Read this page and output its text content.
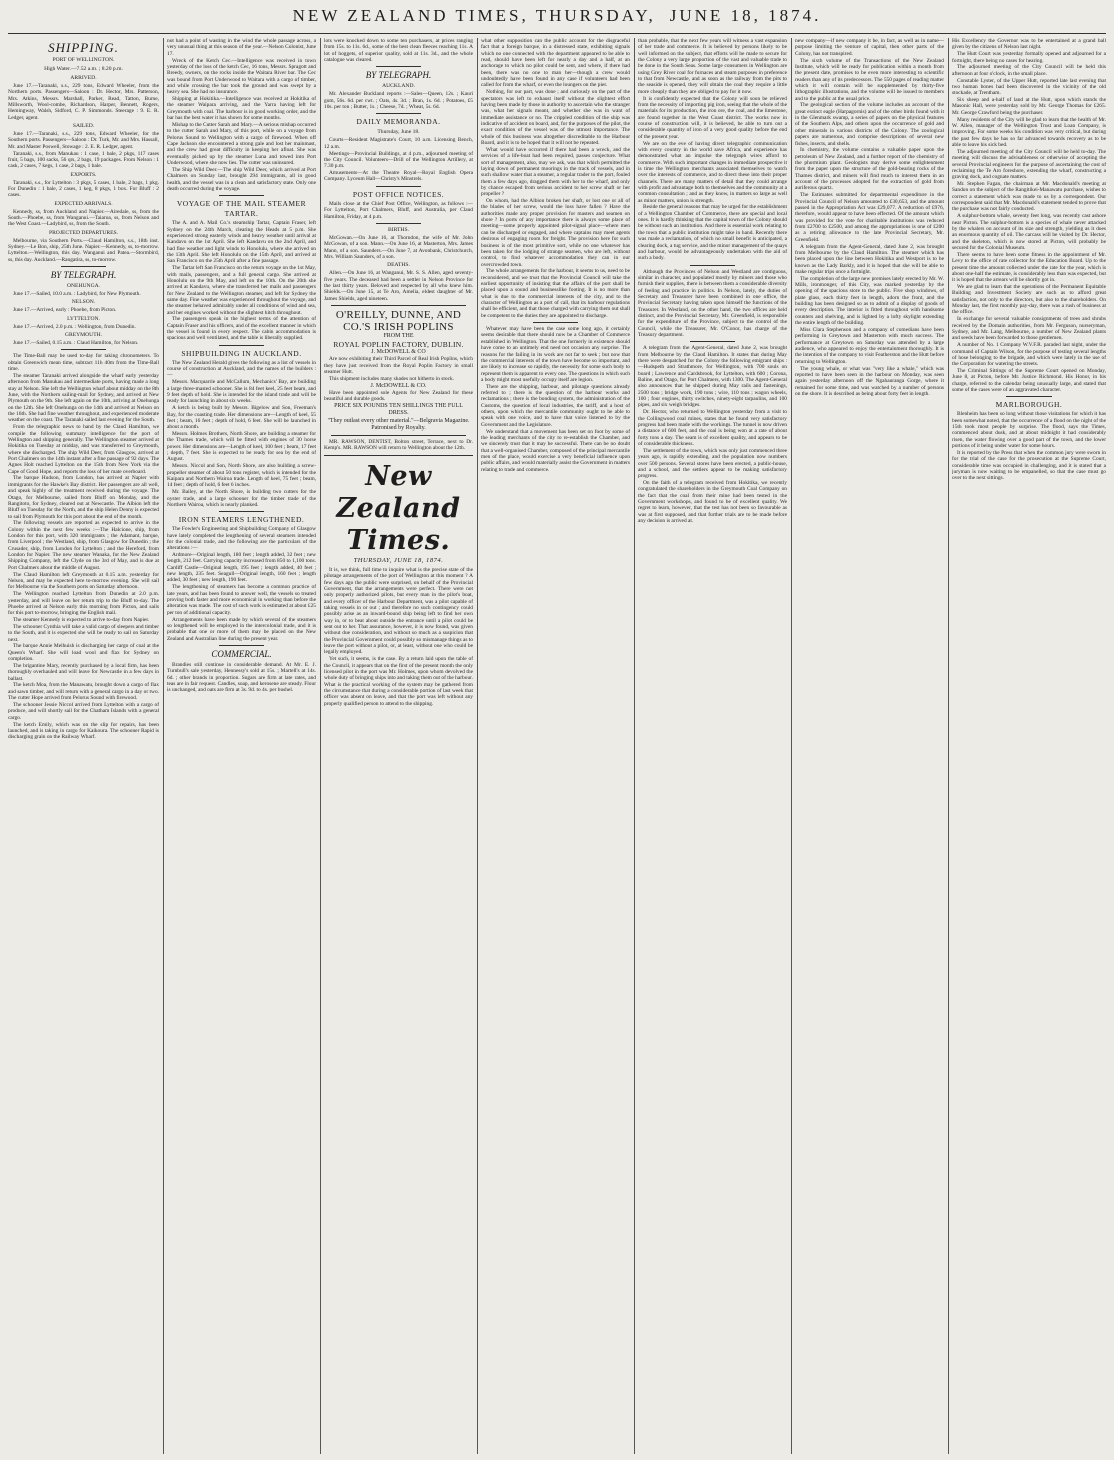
NEW ZEALAND TIMES, THURSDAY, JUNE 18, 1874.
SHIPPING.
PORT OF WELLINGTON.
High Water.—7.52 a.m. ; 8.20 p.m.
ARRIVED.

June 17.—Taranaki, s.s., 229 tons, Edward Wheeler, from the Northern ports. Passengers—Saloon : Dr. Hector, Mrs. Patterson, Mrs. Atkins, Messrs. Marshall, Parker, Read, Tatton, Burne, Millsworth, Wool-combe, Richardson, Harper, Bennett, Rogers, Hemingway, Walsh, Sidford, C. P. Simmonds. Steerage : 9. E. R. Ledger, agent.

SAILED.

June 17.—Taranaki, s.s., 229 tons, Edward Wheeler, for the Southern ports. Passengers—Saloon : Dr. Turk, Mr. and Mrs. Hassall, Mr. and Master Poswell, Stowage : 2. E. R. Ledger, agent.

Taranaki, s.s., from Manukau : 1 case, 1 bale, 2 pkgs, 117 cases fruit, 5 bags, 100 sacks, 56 qrs, 2 bags, 19 packages. From Nelson : 1 cask, 2 cases, 7 kegs, 1 case, 2 bags, 1 bale.

EXPORTS.

Taranaki, s.s., for Lyttelton : 3 pkgs, 5 cases, 1 bale, 2 bags, 1 pkg. For Dunedin : 1 bale, 2 cases, 1 keg, 8 pkgs, 1 box. For Bluff : 2 cases.

EXPECTED ARRIVALS.

Kennedy, ss, from Auckland and Napier.—Airedale, ss, from the South.—Phoebe, ss, from Wanganui.—Taiaroa, ss, from Nelson and the West Coast.—Ladybird, ss, from the South.

PROJECTED DEPARTURES.

Melbourne, via Southern Ports.—Claud Hamilton, s.s., 18th inst. Sydney.—Le Bon, ship, 25th June. Napier.—Kennedy, ss, to-morrow. Lyttelton.—Wellington, this day. Wanganui and Patea.—Stormbird, ss, this day. Auckland.—Rangatira, ss, to-morrow.

BY TELEGRAPH.
ONEHUNGA.

June 17.—Sailed, 10.0 a.m. : Ladybird, for New Plymouth.

NELSON.

June 17.—Arrived, early : Phoebe, from Picton.

LYTTELTON.

June 17.—Arrived, 2.0 p.m. : Wellington, from Dunedin.

GREYMOUTH.

June 17.—Sailed, 0.15 a.m. : Claud Hamilton, for Nelson.

The Time-Ball may be used to-day for taking chronometers. To obtain Greenwich mean time, subtract 11h 40m from the Time-Ball time.

The steamer Taranaki arrived alongside the wharf early yesterday afternoon from Manukau and intermediate ports, having made a long stay at Nelson. She left the Wellington wharf about midday on the 8th June, with the Northern sailing-mail for Sydney, and arrived at New Plymouth on the 9th. She left again on the 10th, arriving at Onehunga on the 12th. She left Onehunga on the 14th and arrived at Nelson on the 16th. She had fine weather throughout, and experienced moderate weather on the coast. The Taranaki sailed last evening for the South.

From the telegraphic news to hand by the Claud Hamilton, we compile the following summary intelligence for the port of Wellington and shipping generally. The Wellington steamer arrived at Hokitika on Tuesday at midday, and was transferred to Greymouth, where she discharged. The ship Wild Deer, from Glasgow, arrived at Port Chalmers on the 14th instant after a fine passage of 92 days. The Agnes Holt reached Lyttelton on the 15th from New York via the Cape of Good Hope, and reports the loss of her mate overboard.

The barque Hudson, from London, has arrived at Napier with immigrants for the Hawke's Bay district. Her passengers are all well, and speak highly of the treatment received during the voyage. The Otago, for Melbourne, sailed from Bluff on Monday, and the Rangitoto, for Sydney, cleared out at Newcastle. The Albion left the Bluff on Tuesday for the North, and the ship Helen Denny is expected to sail from Plymouth for this port about the end of the month.

The following vessels are reported as expected to arrive in the Colony within the next few weeks :—The Halcione, ship, from London for this port, with 320 immigrants ; the Adamant, barque, from Liverpool ; the Westland, ship, from Glasgow for Dunedin ; the Crusader, ship, from London for Lyttelton ; and the Hereford, from London for Napier. The new steamer Wanaka, for the New Zealand Shipping Company, left the Clyde on the 3rd of May, and is due at Port Chalmers about the middle of August.

The Claud Hamilton left Greymouth at 0.15 a.m. yesterday for Nelson, and may be expected here to-morrow evening. She will sail for Melbourne via the Southern ports on Saturday afternoon.

The Wellington reached Lyttelton from Dunedin at 2.0 p.m. yesterday, and will leave on her return trip to the Bluff to-day. The Phoebe arrived at Nelson early this morning from Picton, and sails for this port to-morrow, bringing the English mail.

The steamer Kennedy is expected to arrive to-day from Napier.

The schooner Cynthia will take a valid cargo of sleepers and timber to the South, and it is expected she will be ready to sail on Saturday next.

The barque Annie Melhuish is discharging her cargo of coal at the Queen's Wharf. She will load wool and flax for Sydney on completion.

The brigantine Mary, recently purchased by a local firm, has been thoroughly overhauled and will leave for Newcastle in a few days in ballast.

The ketch Moa, from the Manawatu, brought down a cargo of flax and sawn timber, and will return with a general cargo in a day or two. The cutter Hope arrived from Pelorus Sound with firewood.

The schooner Jessie Niccol arrived from Lyttelton with a cargo of produce, and will shortly sail for the Chatham Islands with a general cargo.

The ketch Emily, which was on the slip for repairs, has been launched, and is taking in cargo for Kaikoura. The schooner Rapid is discharging grain on the Railway Wharf.

not had a point of wasting in the wind the whole passage across, a very unusual thing at this season of the year.—Nelson Colonist, June 17.

Wreck of the Ketch Cec.—Intelligence was received in town yesterday of the loss of the ketch Cec, 16 tons, Messrs. Spragott and Breedy, owners, on the rocks inside the Waitara River bar. The Cec was bound from Port Underwood to Waitara with a cargo of timber, and while crossing the bar took the ground and was swept by a heavy sea. She had no insurance.

Shipping at Hokitika.—Intelligence was received at Hokitika of the steamer Waipara arriving, and the Yarra having left for Greymouth with coal. The harbour is in good working order, and the bar has the best water it has shown for some months.

Mishap to the Cutter Sarah and Mary.—A serious mishap occurred to the cutter Sarah and Mary, of this port, while on a voyage from Pelorus Sound to Wellington with a cargo of firewood. When off Cape Jackson she encountered a strong gale and lost her mainmast, and the crew had great difficulty in keeping her afloat. She was eventually picked up by the steamer Luna and towed into Port Underwood, where she now lies. The cutter was uninsured.

The Ship Wild Deer.—The ship Wild Deer, which arrived at Port Chalmers on Sunday last, brought 294 immigrants, all in good health, and the vessel was in a clean and satisfactory state. Only one death occurred during the voyage.

VOYAGE OF THE MAIL STEAMER TARTAR.

The A. and A. Mail Co.'s steamship Tartar, Captain Fraser, left Sydney on the 24th March, clearing the Heads at 5 p.m. She experienced strong easterly winds and heavy weather until arrival at Kandavu on the 1st April. She left Kandavu on the 2nd April, and had fine weather and light winds to Honolulu, where she arrived on the 13th April. She left Honolulu on the 15th April, and arrived at San Francisco on the 25th April after a fine passage.

The Tartar left San Francisco on the return voyage on the 1st May, with mails, passengers, and a full general cargo. She arrived at Honolulu on the 9th May, and left on the 10th. On the 20th she arrived at Kandavu, where she transferred her mails and passengers for New Zealand to the Wellington steamer, and left for Sydney the same day. Fine weather was experienced throughout the voyage, and the steamer behaved admirably under all conditions of wind and sea, and her engines worked without the slightest hitch throughout.

The passengers speak in the highest terms of the attention of Captain Fraser and his officers, and of the excellent manner in which the vessel is found in every respect. The cabin accommodation is spacious and well ventilated, and the table is liberally supplied.

SHIPBUILDING IN AUCKLAND.

The New Zealand Herald gives the following as a list of vessels in course of construction at Auckland, and the names of the builders :—

Messrs. Macquarrie and McCallum, Mechanics' Bay, are building a large three-masted schooner. She is 84 feet keel, 25 feet beam, and 9 feet depth of hold. She is intended for the island trade and will be ready for launching in about six weeks.

A ketch is being built by Messrs. Bigelow and Son, Freeman's Bay, for the coasting trade. Her dimensions are—Length of keel, 55 feet ; beam, 16 feet ; depth of hold, 6 feet. She will be launched in about a month.

Messrs. Holmes Brothers, North Shore, are building a steamer for the Thames trade, which will be fitted with engines of 30 horse power. Her dimensions are—Length of keel, 100 feet ; beam, 17 feet ; depth, 7 feet. She is expected to be ready for sea by the end of August.

Messrs. Niccol and Son, North Shore, are also building a screw-propeller steamer of about 50 tons register, which is intended for the Kaipara and Northern Wairoa trade. Length of keel, 75 feet ; beam, 14 feet ; depth of hold, 6 feet 6 inches.

Mr. Bailey, at the North Shore, is building two cutters for the oyster trade, and a large schooner for the timber trade of the Northern Wairoa, which is nearly planked.

IRON STEAMERS LENGTHENED.

The Fowler's Engineering and Shipbuilding Company of Glasgow have lately completed the lengthening of several steamers intended for the colonial trade, and the following are the particulars of the alterations :—

Ardmore—Original length, 180 feet ; length added, 32 feet ; new length, 212 feet. Carrying capacity increased from 850 to 1,100 tons. Cardiff Castle—Original length, 195 feet ; length added, 40 feet ; new length, 235 feet. Seagull—Original length, 160 feet ; length added, 30 feet ; new length, 190 feet.

The lengthening of steamers has become a common practice of late years, and has been found to answer well, the vessels so treated proving both faster and more economical in working than before the alteration was made. The cost of such work is estimated at about £25 per ton of additional capacity.

Arrangements have been made by which several of the steamers so lengthened will be employed in the intercolonial trade, and it is probable that one or more of them may be placed on the New Zealand and Australian line during the present year.

COMMERCIAL.

Brandies still continue in considerable demand. At Mr. E. J. Turnbull's sale yesterday, Hennessy's sold at 15s. ; Martell's at 14s. 6d. ; other brands in proportion. Sugars are firm at late rates, and teas are in fair request. Candles, soap, and kerosene are steady. Flour is unchanged, and oats are firm at 3s. 9d. to 4s. per bushel.

lots were knocked down to some ten purchasers, at prices ranging from 15s. to 11s. 6d., some of the best clean fleeces reaching 11s. A lot of hoggets, of superior quality, sold at 11s. 3d., and the whole catalogue was cleared.

BY TELEGRAPH.
AUCKLAND.

Mr. Alexander Buckland reports :—Sales—Queen, 12s. ; Kauri gum, 56s. 6d. per cwt. ; Oats, 4s. 3d. ; Bran, 1s. 6d. ; Potatoes, £5 10s. per ton ; Butter, 1s. ; Cheese, 7d. ; Wheat, 5s. 6d.

DAILY MEMORANDA.
Thursday, June 18.

Courts—Resident Magistrate's Court, 10 a.m. Licensing Bench, 12 a.m.

Meetings—Provincial Buildings, at 4 p.m., adjourned meeting of the City Council. Volunteers—Drill of the Wellington Artillery, at 7.30 p.m.

Amusements—At the Theatre Royal—Royal English Opera Company. Lyceum Hall—Christy's Minstrels.

POST OFFICE NOTICES.

Mails close at the Chief Post Office, Wellington, as follows :— For Lyttelton, Port Chalmers, Bluff, and Australia, per Claud Hamilton, Friday, at 4 p.m.

BIRTHS.

McGowan.—On June 16, at Thorndon, the wife of Mr. John McGowan, of a son. Mann.—On June 16, at Masterton, Mrs. James Mann, of a son. Saunders.—On June 7, at Avonbank, Christchurch, Mrs. William Saunders, of a son.

DEATHS.

Allen.—On June 16, at Wanganui, Mr. S. S. Allen, aged seventy-five years. The deceased had been a settler in Nelson Province for the last thirty years. Beloved and respected by all who knew him. Shields.—On June 15, at Te Aro, Amelia, eldest daughter of Mr. James Shields, aged nineteen.

O'REILLY, DUNNE, AND CO.'S IRISH POPLINS
FROM THE
ROYAL POPLIN FACTORY, DUBLIN.
J. McDOWELL & CO

Are now exhibiting their Third Parcel of Real Irish Poplins, which they have just received from the Royal Poplin Factory in small steamer Hutt.

This shipment includes many shades not hitherto in stock.

J. McDOWELL & CO.

Have been appointed sole Agents for New Zealand for these beautiful and durable goods.

PRICE SIX POUNDS TEN SHILLINGS THE FULL DRESS.
"They outlast every other material."—Belgravia Magazine.
Patronised by Royalty.

MR. RAWSON, DENTIST, Bolton street, Terrace, next to Dr. Kemp's. MR. RAWSON will return to Wellington about the 12th.

New Zealand Times.
THURSDAY, JUNE 18, 1874.

It is, we think, full time to inquire what is the precise state of the pilotage arrangements of the port of Wellington at this moment ? A few days ago the public were surprised, on behalf of the Provincial Government, that the arrangements were perfect. There were not only properly authorized pilots, but every man in the pilot's boat, and every officer of the Harbour Department, was a pilot capable of taking vessels in or out ; and therefore no such contingency could possibly arise as an inward-bound ship being left to find her own way in, or to beat about outside the entrance until a pilot could be sent out to her. That assurance, however, it is now found, was given without due consideration, and without so much as a suspicion that the Provincial Government could possibly so mismanage things as to leave the port without a pilot, or, at least, without one who could be legally employed.

Yet such, it seems, is the case. By a return laid upon the table of the Council, it appears that on the first of the present month the only licensed pilot in the port was Mr. Holmes, upon whom devolved the whole duty of bringing ships into and taking them out of the harbour. What is the practical working of the system may be gathered from the circumstance that during a considerable portion of last week that officer was absent on leave, and that the port was left without any properly qualified person to attend to the shipping.

what other supposition can the public account for the disgraceful fact that a foreign barque, in a distressed state, exhibiting signals which no one connected with the department appeared to be able to read, should have been left for nearly a day and a half, at an anchorage to which no pilot could be sent, and where, if there had been, there was no one to man her—though a crew would undoubtedly have been found in any case if volunteers had been called for from the wharf, or even the loungers on the pier.

Nothing, for our part, was done ; and curiously on the part of the spectators was left to exhaust itself without the slightest effort having been made by those in authority to ascertain who the stranger was, what her signals meant, and whether she was in want of immediate assistance or no. The crippled condition of the ship was indicative of accident on board, and, for the purposes of the pilot, the exact condition of the vessel was of the utmost importance. The whole of this business was altogether discreditable to the Harbour Board, and it is to be hoped that it will not be repeated.

What would have occurred if there had been a wreck, and the services of a life-boat had been required, passes conjecture. What sort of management, also, may we ask, was that which permitted the laying down of permanent moorings in the track of vessels, and in such shallow water that a steamer, a regular trader to the port, fouled them a few days ago, dragged them with her to the wharf, and only by chance escaped from serious accident to her screw shaft or her propeller ?

On whom, had the Albion broken her shaft, or lost one or all of the blades of her screw, would the loss have fallen ? Have the authorities made any proper provision for masters and seamen on shore ? In ports of any importance there is always some place of meeting—some properly appointed pilot-signal place—where men can be discharged or engaged, and where captains may meet agents desirous of engaging room for freight. The provision here for such business is of the most primitive sort, while no one whatever has been taken for the lodging of strange seamen, who are left, without control, to find whatever accommodation they can in our overcrowded town.

The whole arrangements for the harbour, it seems to us, need to be reconsidered, and we trust that the Provincial Council will take the earliest opportunity of insisting that the affairs of the port shall be placed upon a sound and businesslike footing. It is no more than what is due to the commercial interests of the city, and to the character of Wellington as a port of call, that its harbour regulations shall be efficient, and that those charged with carrying them out shall be competent to the duties they are appointed to discharge.

Whatever may have been the case some long ago, it certainly seems desirable that there should now be a Chamber of Commerce established in Wellington. That the one formerly in existence should have come to an untimely end need not occasion any surprise. The reasons for the failing in its work are not far to seek ; but now that the commercial interests of the town have become so important, and are likely to increase so rapidly, the necessity for some such body to represent them is apparent to every one. The questions in which such a body might most usefully occupy itself are legion.

There are the shipping, harbour, and pilotage questions already referred to ; there is the question of the harbour works and reclamations ; there is the bonding system, the administration of the Customs, the question of local industries, the tariff, and a host of others, upon which the mercantile community ought to be able to speak with one voice, and to have that voice listened to by the Government and the Legislature.

We understand that a movement has been set on foot by some of the leading merchants of the city to re-establish the Chamber, and we sincerely trust that it may be successful. There can be no doubt that a well-organised Chamber, composed of the principal mercantile men of the place, would exercise a very beneficial influence upon public affairs, and would materially assist the Government in matters relating to trade and commerce.

than probable, that the next few years will witness a vast expansion of her trade and commerce. It is believed by persons likely to be well informed on the subject, that efforts will be made to secure for the Colony a very large proportion of the vast and valuable trade to be done in the South Seas. Some large consumers in Wellington are using Grey River coal for furnaces and steam purposes in preference to that from Newcastle, and as soon as the railway from the pits to the seaside is opened, they will obtain the coal they require a little more cheaply than they are obliged to pay for it now.

It is confidently expected that the Colony will soon be relieved from the necessity of importing pig iron, seeing that the whole of the materials for its production, the iron ore, the coal, and the limestone, are found together in the West Coast district. The works now in course of construction will, it is believed, be able to turn out a considerable quantity of iron of a very good quality before the end of the present year.

We are on the eve of having direct telegraphic communication with every country in the world save Africa, and experience has demonstrated what an impulse the telegraph wires afford to commerce. With such important changes in immediate prospective it is time the Wellington merchants associated themselves to watch over the interests of commerce, and to direct these into their proper channels. There are many matters of detail that they could arrange with profit and advantage both to themselves and the community at a common consultation ; and as they know, in matters so large as well as minor matters, union is strength.

Beside the general reasons that may be urged for the establishment of a Wellington Chamber of Commerce, there are special and local ones. It is hardly thinking that the capital town of the Colony should be without such an institution. And there is essential work relating to the town that a public institution might take in hand. Recently there was made a reclamation, of which no small benefit is anticipated, a clearing dock, a tug service, and the minor management of the quays and harbour, would be advantageously undertaken with the aid of such a body.

Although the Provinces of Nelson and Westland are contiguous, similar in character, and populated mostly by miners and those who furnish their supplies, there is between them a considerable diversity of feeling and practice in politics. In Nelson, lately, the duties of Secretary and Treasurer have been combined in one office, the Provincial Secretary having taken upon himself the functions of the Treasurer. In Westland, on the other hand, the two offices are held distinct, and the Provincial Secretary, Mr. Greenfield, is responsible for the expenditure of the Province, subject to the control of the Council, while the Treasurer, Mr. O'Conor, has charge of the Treasury department.

A telegram from the Agent-General, dated June 2, was brought from Melbourne by the Claud Hamilton. It states that during May there were despatched for the Colony the following emigrant ships :—Hudspeth and Strathmore, for Wellington, with 700 souls on board ; Lawrence and Cardsbrook, for Lyttelton, with 600 ; Corona, Baline, and Otago, for Port Chalmers, with 1300. The Agent-General also announces that he shipped during May rails and fastenings, 2500 tons ; bridge work, 190 tons ; wire, 110 tons ; wagon wheels, 100 ; four engines, thirty switches, ninety-eight tarpaulins, and 100 pipes, and six weigh bridges.

Dr. Hector, who returned to Wellington yesterday from a visit to the Collingwood coal mines, states that he found very satisfactory progress had been made with the workings. The tunnel is now driven a distance of 600 feet, and the coal is being won at a rate of about forty tons a day. The seam is of excellent quality, and appears to be of considerable thickness.

The settlement of the town, which was only just commenced three years ago, is rapidly extending, and the population now numbers over 500 persons. Several stores have been erected, a public-house, and a school, and the settlers appear to be making satisfactory progress.

On the faith of a telegram received from Hokitika, we recently congratulated the shareholders in the Greymouth Coal Company on the fact that the coal from their mine had been tested in the Government workshops, and found to be of excellent quality. We regret to learn, however, that the test has not been so favourable as was at first supposed, and that further trials are to be made before any decision is arrived at.

new company—if new company it be, in fact, as well as in name—purpose limiting the venture of capital, then other parts of the Colony, has not transpired.

The sixth volume of the Transactions of the New Zealand Institute, which will be ready for publication within a month from the present date, promises to be even more interesting to scientific readers than any of its predecessors. The 550 pages of reading matter which it will contain will be supplemented by thirty-five lithographic illustrations, and the volume will be issued to members and to the public at the usual price.

The geological section of the volume includes an account of the great extinct eagle (Harpagornis) and of the other birds found with it in the Glenmark swamp, a series of papers on the physical features of the Southern Alps, and others upon the occurrence of gold and other minerals in various districts of the Colony. The zoological papers are numerous, and comprise descriptions of several new fishes, insects, and shells.

In chemistry, the volume contains a valuable paper upon the petroleum of New Zealand, and a further report of the chemistry of the phormium plant. Geologists may derive some enlightenment from the paper upon the structure of the gold-bearing rocks of the Thames district, and miners will find much to interest them in an account of the processes adopted for the extraction of gold from auriferous quartz.

The Estimates submitted for departmental expenditure in the Provincial Council of Nelson amounted to £30,653, and the amount passed in the Appropriation Act was £29,077. A reduction of £976, therefore, would appear to have been effected. Of the amount which was provided for the vote for charitable institutions was reduced from £2700 to £2500, and among the appropriations is one of £200 as a retiring allowance to the late Provincial Secretary, Mr. Greenfield.

A telegram from the Agent-General, dated June 2, was brought from Melbourne by the Claud Hamilton. The steamer which has been placed upon the line between Hokitika and Westport is to be known as the Lady Barkly, and it is hoped that she will be able to make regular trips once a fortnight.

The completion of the large new premises lately erected by Mr. W. Mills, ironmonger, of this City, was marked yesterday by the opening of the spacious store to the public. Five shop windows, of plate glass, each thirty feet in length, adorn the front, and the building has been designed so as to admit of a display of goods of every description. The interior is fitted throughout with handsome counters and shelving, and is lighted by a lofty skylight extending the entire length of the building.

Miss Clara Stephenson and a company of comedians have been performing in Greytown and Masterton with much success. The performance at Greytown on Saturday was attended by a large audience, who appeared to enjoy the entertainment thoroughly. It is the intention of the company to visit Featherston and the Hutt before returning to Wellington.

The young whale, or what was "very like a whale," which was reported to have been seen in the harbour on Monday, was seen again yesterday afternoon off the Ngahauranga Gorge, where it remained for some time, and was watched by a number of persons on the shore. It is described as being about forty feet in length.

His Excellency the Governor was to be entertained at a grand ball given by the citizens of Nelson last night.

The Hutt Court was yesterday formally opened and adjourned for a fortnight, there being no cases for hearing.

The adjourned meeting of the City Council will be held this afternoon at four o'clock, in the small place.

Constable Lyster, of the Upper Hutt, reported late last evening that two human bones had been discovered in the vicinity of the old stockade, at Trentham.

Six sheep and a-half of land at the Hutt, upon which stands the Masonic Hall, were yesterday sold by Mr. George Thomas for £265. Mr. George Crawford being the purchaser.

Many residents of the City will be glad to learn that the health of Mr. W. Allen, manager of the Wellington Trust and Loan Company, is improving. For some weeks his condition was very critical, but during the past few days he has so far advanced towards recovery as to be able to leave his sick bed.

The adjourned meeting of the City Council will be held to-day. The meeting will discuss the advisableness or otherwise of accepting the several Provincial engineers for the purpose of ascertaining the cost of reclaiming the Te Aro foreshore, extending the wharf, constructing a graving dock, and cognate matters.

Mr. Stephen Fagan, the chairman at Mr. Macdonald's meeting at Sandon on the subject of the Rangitikei-Manawatu purchase, wishes to correct a statement which was made to us by a correspondent. Our correspondent said that Mr. Macdonald's statement tended to prove that the purchase was not fairly conducted.

A sulphur-bottom whale, seventy feet long, was recently cast ashore near Picton. The sulphur-bottom is a species of whale never attacked by the whalers on account of its size and strength, yielding as it does an enormous quantity of oil. The carcass will be visited by Dr. Hector, and the skeleton, which is now stored at Picton, will probably be secured for the Colonial Museum.

There seems to have been some fitness in the appointment of Mr. Levy to the office of rate collector for the Education Board. Up to the present time the amount collected under the rate for the year, which is about one-half the estimate, is considerably less than was expected, but it is hoped that the arrears will be shortly got in.

We are glad to learn that the operations of the Permanent Equitable Building and Investment Society are such as to afford great satisfaction, not only to the directors, but also to the shareholders. On Monday last, the first monthly pay-day, there was a rush of business at the office.

In exchange for several valuable consignments of trees and shrubs received by the Domain authorities, from Mr. Ferguson, nurseryman, Sydney, and Mr. Lang, Melbourne, a number of New Zealand plants and seeds have been forwarded to those gentlemen.

A number of No. 1 Company W.V.F.R. paraded last night, under the command of Captain Wilson, for the purpose of testing several lengths of hose belonging to the brigade, and which were lately in the use of the Corporation for watering the streets.

The Criminal Sittings of the Supreme Court opened on Monday, June 8, at Picton, before Mr. Justice Richmond. His Honor, in his charge, referred to the calendar being unusually large, and stated that some of the cases were of an aggravated character.

MARLBOROUGH.

Blenheim has been so long without those visitations for which it has been somewhat noted, that the occurrence of a flood on the night of the 15th took most people by surprise. The flood, says the Times, commenced about dusk, and at about midnight it had considerably risen, the water flowing over a good part of the town, and the lower portions of it being under water for some hours.

It is reported by the Press that when the common jury were sworn in for the trial of the case for the prosecution at the Supreme Court, considerable time was occupied in challenging, and it is stated that a juryman is now waiting to be empanelled, so that the case must go over to the next sittings.
